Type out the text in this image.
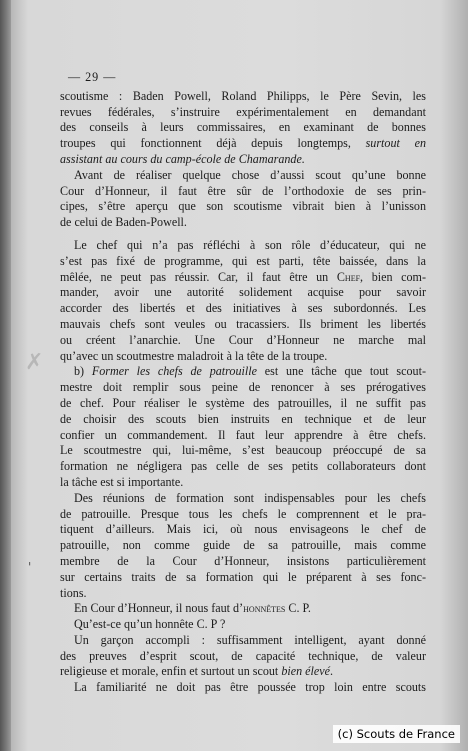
✗
'
— 29 —
scoutisme : Baden Powell, Roland Philipps, le Père Sevin, les
revues fédérales, s’instruire expérimentalement en demandant
des conseils à leurs commissaires, en examinant de bonnes
troupes qui fonctionnent déjà depuis longtemps, surtout en
assistant au cours du camp-école de Chamarande.
Avant de réaliser quelque chose d’aussi scout qu’une bonne
Cour d’Honneur, il faut être sûr de l’orthodoxie de ses prin-
cipes, s’être aperçu que son scoutisme vibrait bien à l’unisson
de celui de Baden-Powell.
Le chef qui n’a pas réfléchi à son rôle d’éducateur, qui ne
s’est pas fixé de programme, qui est parti, tête baissée, dans la
mêlée, ne peut pas réussir. Car, il faut être un Chef, bien com-
mander, avoir une autorité solidement acquise pour savoir
accorder des libertés et des initiatives à ses subordonnés. Les
mauvais chefs sont veules ou tracassiers. Ils briment les libertés
ou créent l’anarchie. Une Cour d’Honneur ne marche mal
qu’avec un scoutmestre maladroit à la tête de la troupe.
b) Former les chefs de patrouille est une tâche que tout scout-
mestre doit remplir sous peine de renoncer à ses prérogatives
de chef. Pour réaliser le système des patrouilles, il ne suffit pas
de choisir des scouts bien instruits en technique et de leur
confier un commandement. Il faut leur apprendre à être chefs.
Le scoutmestre qui, lui-même, s’est beaucoup préoccupé de sa
formation ne négligera pas celle de ses petits collaborateurs dont
la tâche est si importante.
Des réunions de formation sont indispensables pour les chefs
de patrouille. Presque tous les chefs le comprennent et le pra-
tiquent d’ailleurs. Mais ici, où nous envisageons le chef de
patrouille, non comme guide de sa patrouille, mais comme
membre de la Cour d’Honneur, insistons particulièrement
sur certains traits de sa formation qui le préparent à ses fonc-
tions.
En Cour d’Honneur, il nous faut d’honnêtes C. P.
Qu’est-ce qu’un honnête C. P ?
Un garçon accompli : suffisamment intelligent, ayant donné
des preuves d’esprit scout, de capacité technique, de valeur
religieuse et morale, enfin et surtout un scout bien élevé.
La familiarité ne doit pas être poussée trop loin entre scouts
(c) Scouts de France
